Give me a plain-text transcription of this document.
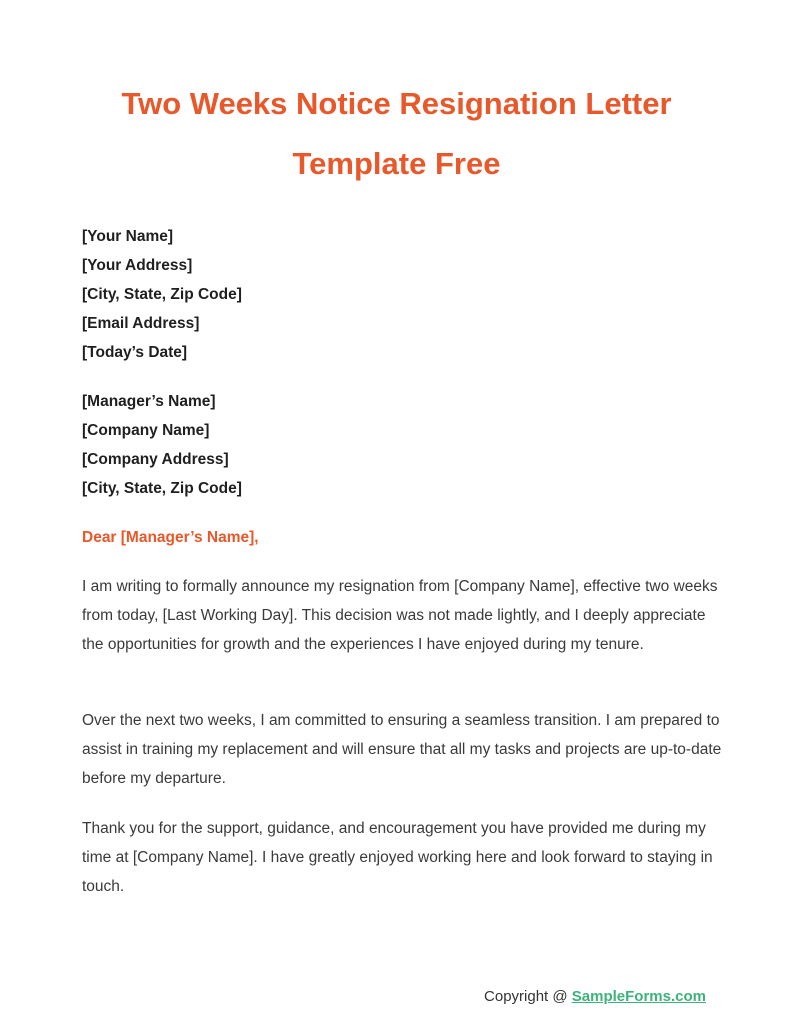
Two Weeks Notice Resignation Letter
Template Free
[Your Name]
[Your Address]
[City, State, Zip Code]
[Email Address]
[Today’s Date]
[Manager’s Name]
[Company Name]
[Company Address]
[City, State, Zip Code]

Dear [Manager’s Name],

I am writing to formally announce my resignation from [Company Name], effective two weeks from today, [Last Working Day]. This decision was not made lightly, and I deeply appreciate the opportunities for growth and the experiences I have enjoyed during my tenure.

Over the next two weeks, I am committed to ensuring a seamless transition. I am prepared to assist in training my replacement and will ensure that all my tasks and projects are up-to-date before my departure.

Thank you for the support, guidance, and encouragement you have provided me during my time at [Company Name]. I have greatly enjoyed working here and look forward to staying in touch.

Copyright @ SampleForms.com
